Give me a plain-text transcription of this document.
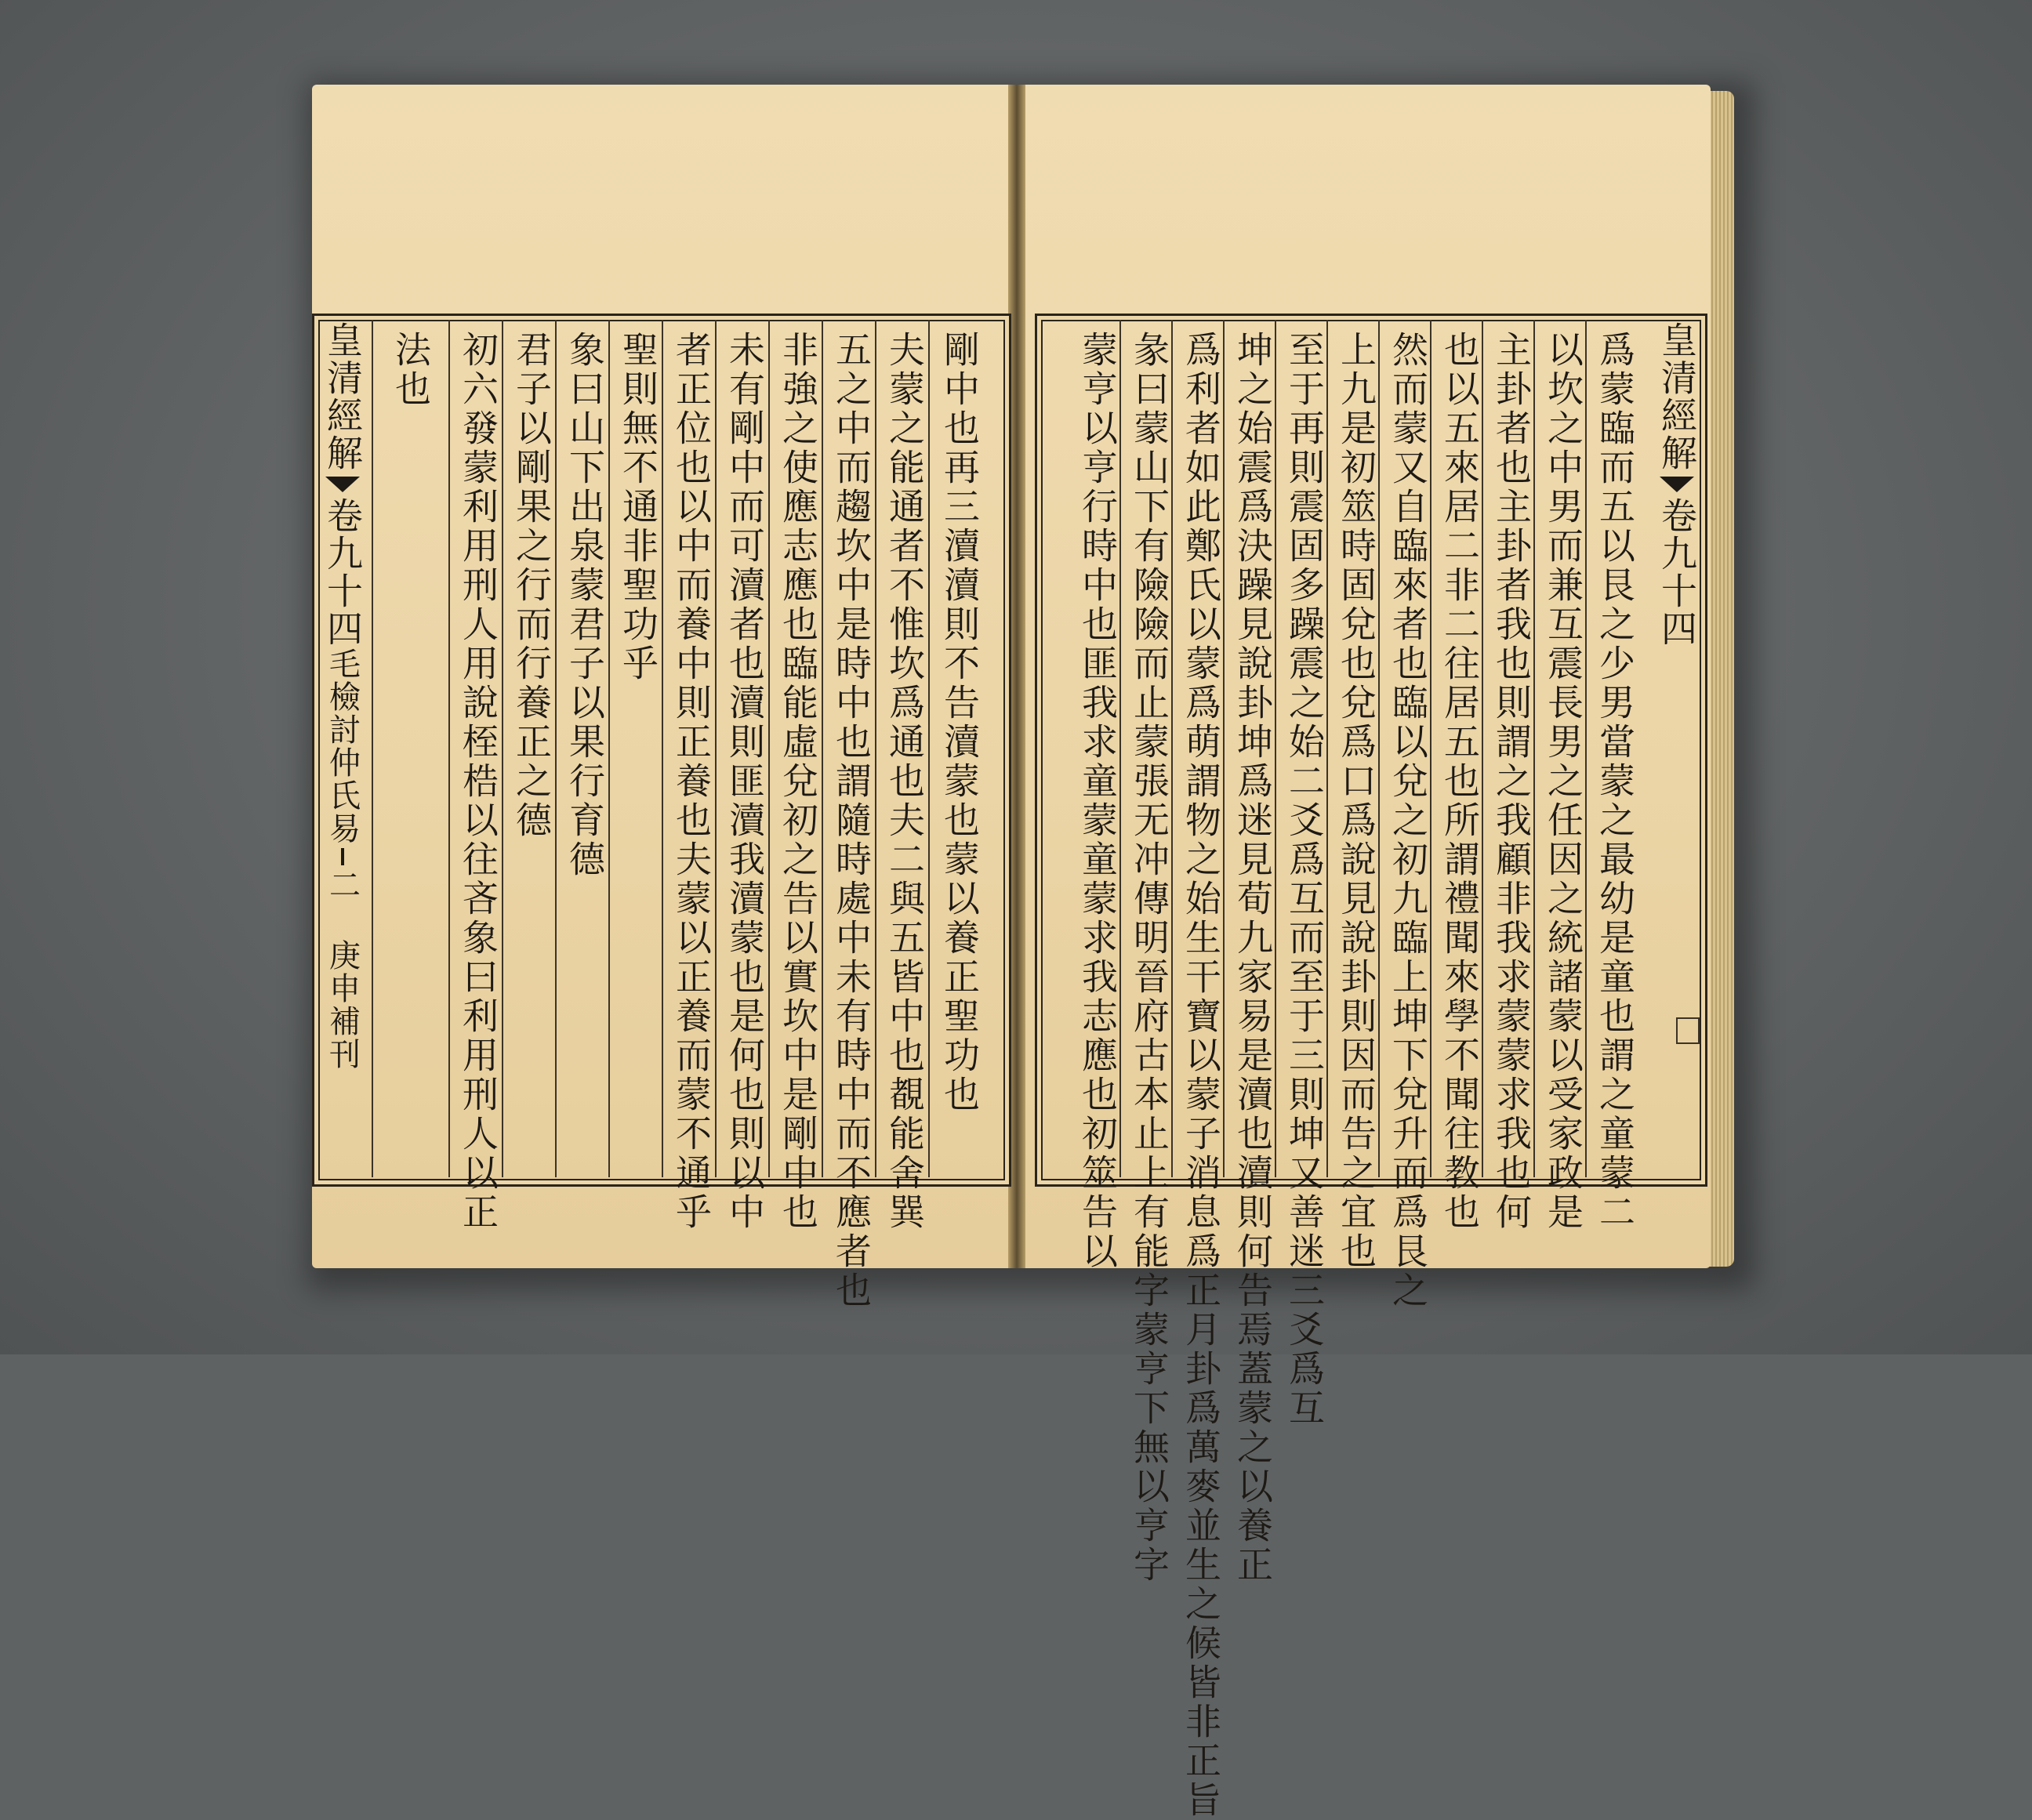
皇清經解
卷九十四
毛檢討仲氏易
二 庚申補刊	剛中也再三瀆瀆則不告瀆蒙也蒙以養正聖功也
夫蒙之能通者不惟坎爲通也夫二與五皆中也覩能舍巽
五之中而趨坎中是時中也謂隨時處中未有時中而不應者也
非強之使應志應也臨能虛兌初之告以實坎中是剛中也
未有剛中而可瀆者也瀆則匪瀆我瀆蒙也是何也則以中
者正位也以中而養中則正養也夫蒙以正養而蒙不通乎
聖則無不通非聖功乎
象曰山下出泉蒙君子以果行育德
君子以剛果之行而行養正之德
初六發蒙利用刑人用說桎梏以往吝象曰利用刑人以正
法也	爲蒙臨而五以艮之少男當蒙之最幼是童也謂之童蒙二
以坎之中男而兼互震長男之任因之統諸蒙以受家政是
主卦者也主卦者我也則謂之我顧非我求蒙蒙求我也何
也以五來居二非二往居五也所謂禮聞來學不聞往教也
然而蒙又自臨來者也臨以兌之初九臨上坤下兌升而爲艮之
上九是初筮時固兌也兌爲口爲說見說卦則因而告之宜也
至于再則震固多躁震之始二爻爲互而至于三則坤又善迷三爻爲互
坤之始震爲決躁見說卦坤爲迷見荀九家易是瀆也瀆則何告焉蓋蒙之以養正
爲利者如此鄭氏以蒙爲萌謂物之始生干寶以蒙子消息爲正月卦爲萬麥並生之候皆非正旨
彖曰蒙山下有險險而止蒙張无冲傳明晉府古本止上有能字蒙亨下無以亨字
蒙亨以亨行時中也匪我求童蒙童蒙求我志應也初筮告以	皇清經解
卷九十四
